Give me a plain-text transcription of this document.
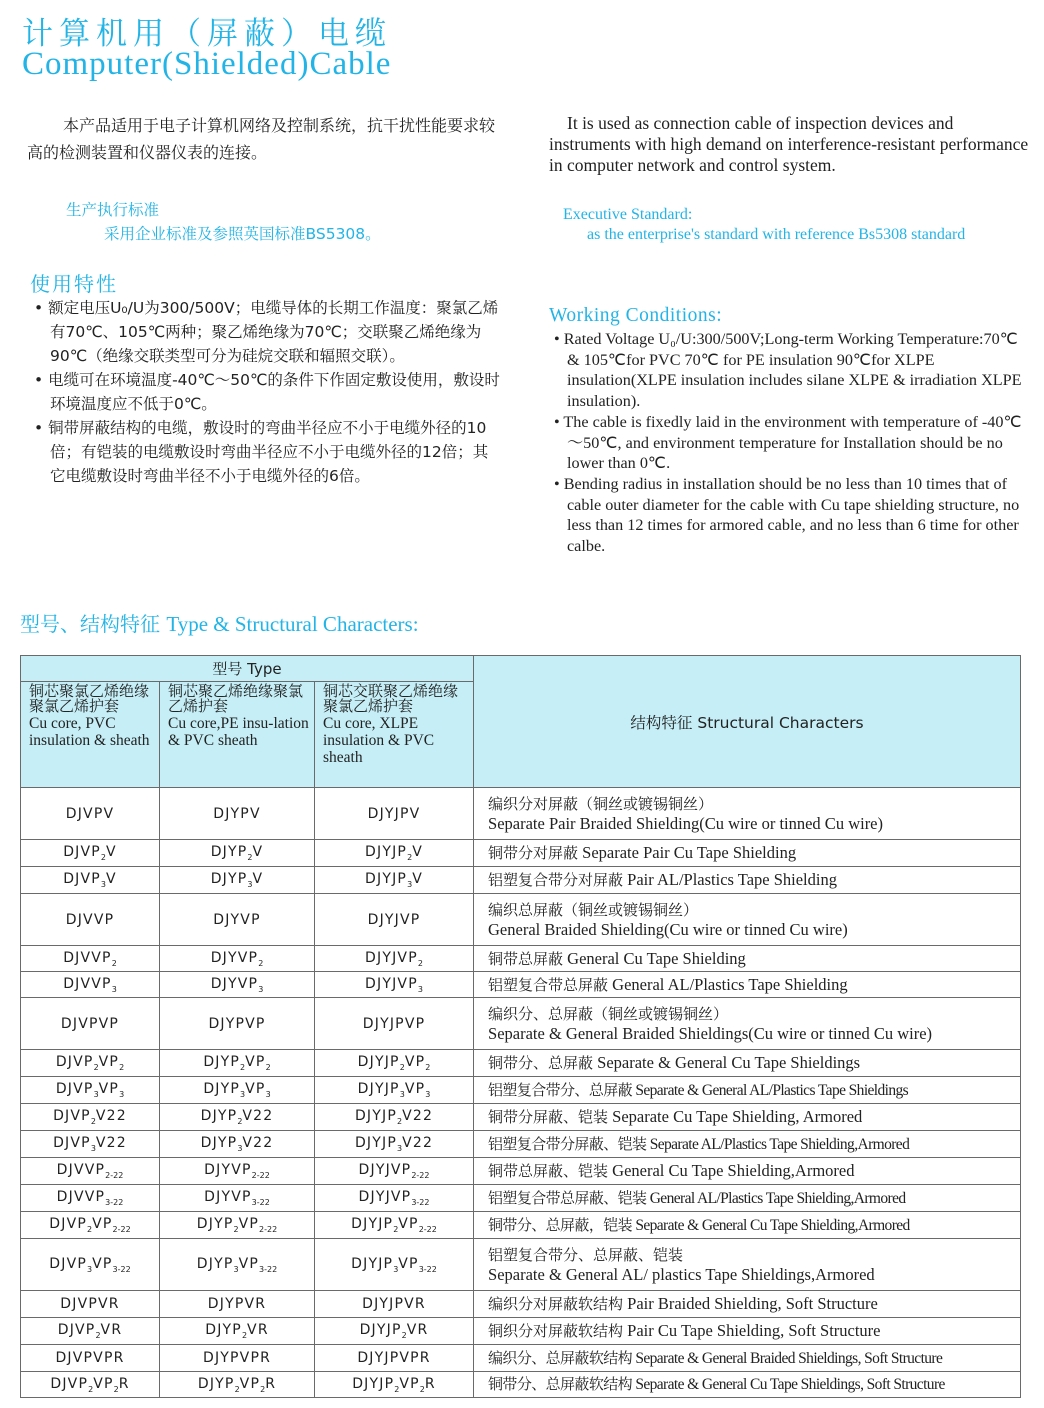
计算机用（屏蔽）电缆
Computer(Shielded)Cable

本产品适用于电子计算机网络及控制系统，抗干扰性能要求较高的检测装置和仪器仪表的连接。

It is used as connection cable of inspection devices and instruments with high demand on interference-resistant performance in computer network and control system.

生产执行标准
采用企业标准及参照英国标准BS5308。
Executive Standard:
as the enterprise's standard with reference Bs5308 standard
使用特性
• 额定电压U₀/U为300/500V；电缆导体的长期工作温度：聚氯乙烯有70℃、105℃两种；聚乙烯绝缘为70℃；交联聚乙烯绝缘为90℃（绝缘交联类型可分为硅烷交联和辐照交联）。
• 电缆可在环境温度-40℃～50℃的条件下作固定敷设使用，敷设时环境温度应不低于0℃。
• 铜带屏蔽结构的电缆，敷设时的弯曲半径应不小于电缆外径的10倍；有铠装的电缆敷设时弯曲半径应不小于电缆外径的12倍；其它电缆敷设时弯曲半径不小于电缆外径的6倍。
Working Conditions:
• Rated Voltage U₀/U:300/500V;Long-term Working Temperature:70℃ & 105℃for PVC 70℃ for PE insulation 90℃for XLPE insulation(XLPE insulation includes silane XLPE & irradiation XLPE insulation).
• The cable is fixedly laid in the environment with temperature of -40℃ ～50℃, and environment temperature for Installation should be no lower than 0℃.
• Bending radius in installation should be no less than 10 times that of cable outer diameter for the cable with Cu tape shielding structure, no less than 12 times for armored cable, and no less than 6 time for other calbe.
型号、结构特征 Type & Structural Characters:
型号 Type			结构特征 Structural Characters

铜芯聚氯乙烯绝缘聚氯乙烯护套
Cu core, PVC insulation & sheath	铜芯聚乙烯绝缘聚氯乙烯护套
Cu core,PE insu-lation & PVC sheath	铜芯交联聚乙烯绝缘聚氯乙烯护套
Cu core, XLPE insulation & PVC sheath	

DJVPV	DJYPV	DJYJPV	编织分对屏蔽（铜丝或镀锡铜丝）
Separate Pair Braided Shielding(Cu wire or tinned Cu wire)
$DJVP_2V$	$DJYP_2V$	$DJYJP_2V$	铜带分对屏蔽 Separate Pair Cu Tape Shielding
$DJVP_3V$	$DJYP_3V$	$DJYJP_3V$	铝塑复合带分对屏蔽 Pair AL/Plastics Tape Shielding
DJVVP	DJYVP	DJYJVP	编织总屏蔽（铜丝或镀锡铜丝）
General Braided Shielding(Cu wire or tinned Cu wire)
$DJVVP_2$	$DJYVP_2$	$DJYJVP_2$	铜带总屏蔽 General Cu Tape Shielding
$DJVVP_3$	$DJYVP_3$	$DJYJVP_3$	铝塑复合带总屏蔽 General AL/Plastics Tape Shielding
DJVPVP	DJYPVP	DJYJPVP	编织分、总屏蔽（铜丝或镀锡铜丝）
Separate & General Braided Shieldings(Cu wire or tinned Cu wire)
$DJVP_2VP_2$	$DJYP_2VP_2$	$DJYJP_2VP_2$	铜带分、总屏蔽 Separate & General Cu Tape Shieldings
$DJVP_3VP_3$	$DJYP_3VP_3$	$DJYJP_3VP_3$	铝塑复合带分、总屏蔽 Separate & General AL/Plastics Tape Shieldings
$DJVP_2V22$	$DJYP_2V22$	$DJYJP_2V22$	铜带分屏蔽、铠装 Separate Cu Tape Shielding, Armored
$DJVP_3V22$	$DJYP_3V22$	$DJYJP_3V22$	铝塑复合带分屏蔽、铠装 Separate AL/Plastics Tape Shielding,Armored
$DJVVP_{2-22}$	$DJYVP_{2-22}$	$DJYJVP_{2-22}$	铜带总屏蔽、铠装 General Cu Tape Shielding,Armored
$DJVVP_{3-22}$	$DJYVP_{3-22}$	$DJYJVP_{3-22}$	铝塑复合带总屏蔽、铠装 General AL/Plastics Tape Shielding,Armored
$DJVP_2VP_{2-22}$	$DJYP_2VP_{2-22}$	$DJYJP_2VP_{2-22}$	铜带分、总屏蔽，铠装 Separate & General Cu Tape Shielding,Armored
$DJVP_3VP_{3-22}$	$DJYP_3VP_{3-22}$	$DJYJP_3VP_{3-22}$	铝塑复合带分、总屏蔽、铠装
Separate & General AL/ plastics Tape Shieldings,Armored
DJVPVR	DJYPVR	DJYJPVR	编织分对屏蔽软结构 Pair Braided Shielding, Soft Structure
$DJVP_2VR$	$DJYP_2VR$	$DJYJP_2VR$	铜织分对屏蔽软结构 Pair Cu Tape Shielding, Soft Structure
DJVPVPR	DJYPVPR	DJYJPVPR	编织分、总屏蔽软结构 Separate & General Braided Shieldings, Soft Structure
$DJVP_2VP_2R$	$DJYP_2VP_2R$	$DJYJP_2VP_2R$	铜带分、总屏蔽软结构 Separate & General Cu Tape Shieldings, Soft Structure
